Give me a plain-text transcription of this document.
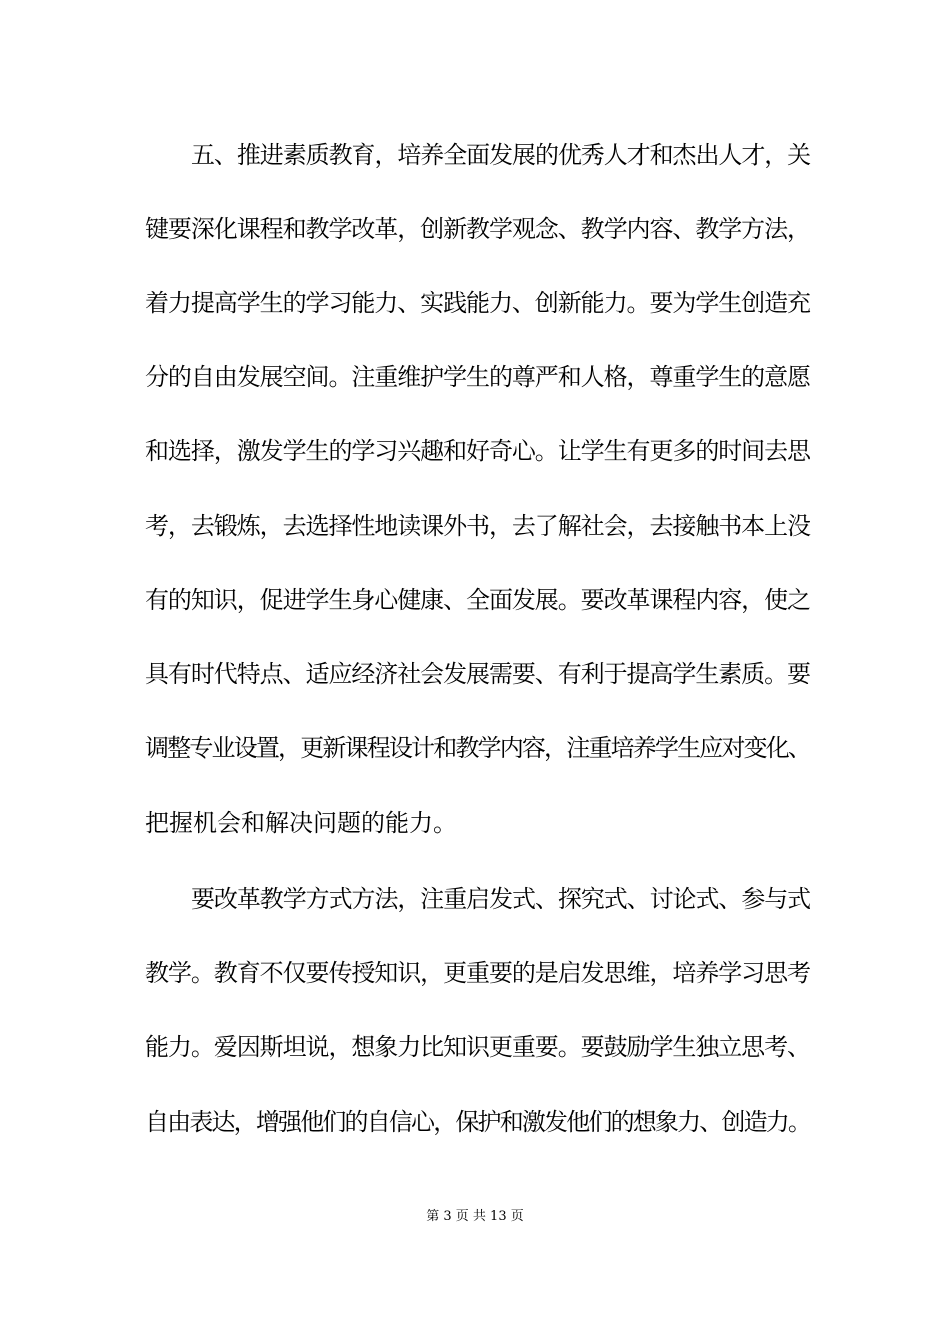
五、推进素质教育，培养全面发展的优秀人才和杰出人才，关
键要深化课程和教学改革，创新教学观念、教学内容、教学方法，
着力提高学生的学习能力、实践能力、创新能力。要为学生创造充
分的自由发展空间。注重维护学生的尊严和人格，尊重学生的意愿
和选择，激发学生的学习兴趣和好奇心。让学生有更多的时间去思
考，去锻炼，去选择性地读课外书，去了解社会，去接触书本上没
有的知识，促进学生身心健康、全面发展。要改革课程内容，使之
具有时代特点、适应经济社会发展需要、有利于提高学生素质。要
调整专业设置，更新课程设计和教学内容，注重培养学生应对变化、
把握机会和解决问题的能力。
要改革教学方式方法，注重启发式、探究式、讨论式、参与式
教学。教育不仅要传授知识，更重要的是启发思维，培养学习思考
能力。爱因斯坦说，想象力比知识更重要。要鼓励学生独立思考、
自由表达，增强他们的自信心，保护和激发他们的想象力、创造力。
第 3 页 共 13 页
